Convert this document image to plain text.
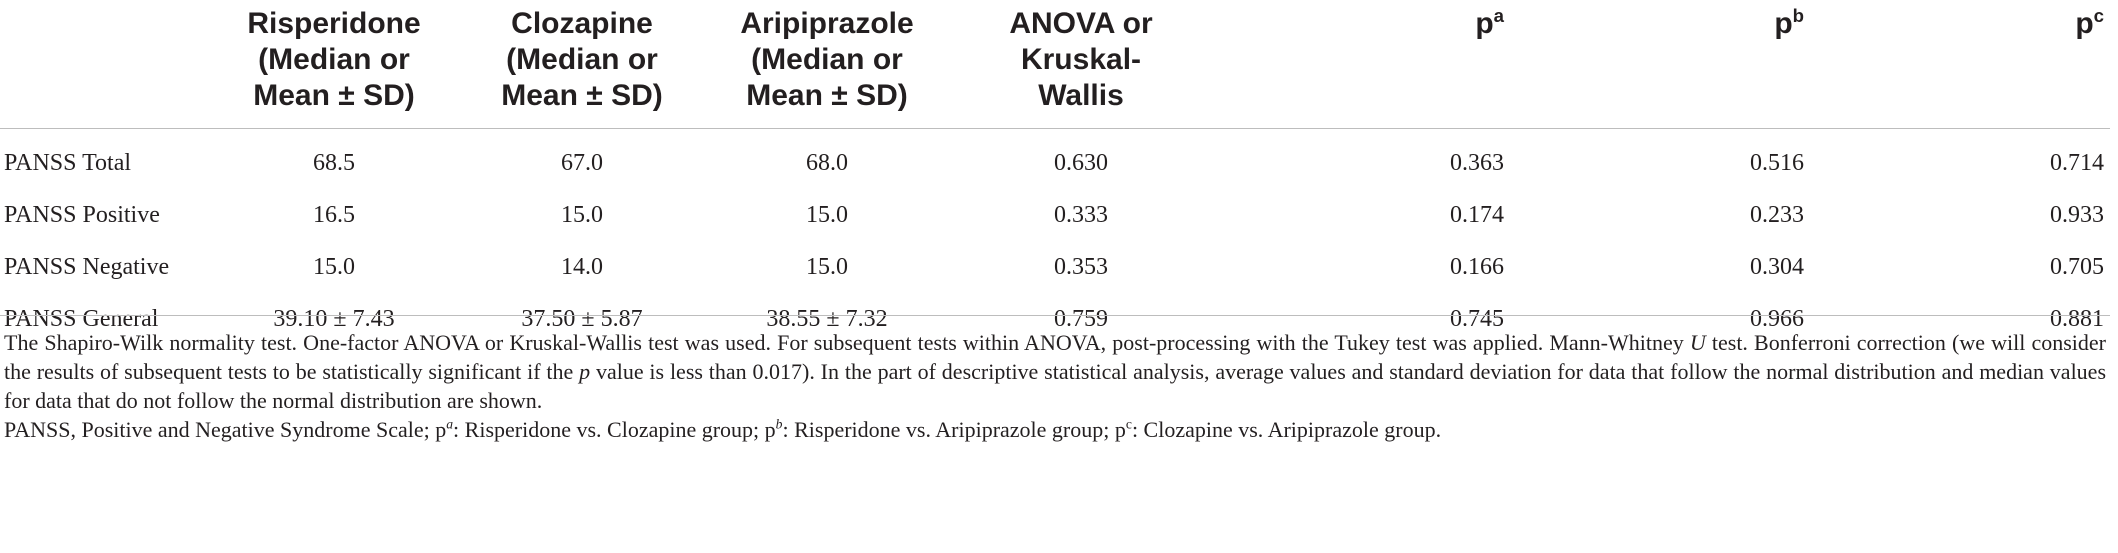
	Risperidone
(Median or
Mean ± SD)	Clozapine
(Median or
Mean ± SD)	Aripiprazole
(Median or
Mean ± SD)	ANOVA or
Kruskal-
Wallis	$p^a$	$p^b$	$p^c$
PANSS Total	68.5	67.0	68.0	0.630	0.363	0.516	0.714
PANSS Positive	16.5	15.0	15.0	0.333	0.174	0.233	0.933
PANSS Negative	15.0	14.0	15.0	0.353	0.166	0.304	0.705
PANSS General	39.10 ± 7.43	37.50 ± 5.87	38.55 ± 7.32	0.759	0.745	0.966	0.881

The Shapiro-Wilk normality test. One-factor ANOVA or Kruskal-Wallis test was used. For subsequent tests within ANOVA, post-processing with the Tukey test was applied. Mann-Whitney U test. Bonferroni correction (we will consider the results of subsequent tests to be statistically significant if the p value is less than 0.017). In the part of descriptive statistical analysis, average values and standard deviation for data that follow the normal distribution and median values for data that do not follow the normal distribution are shown.

PANSS, Positive and Negative Syndrome Scale; $p^a$: Risperidone vs. Clozapine group; $p^b$: Risperidone vs. Aripiprazole group; $p^c$: Clozapine vs. Aripiprazole group.
